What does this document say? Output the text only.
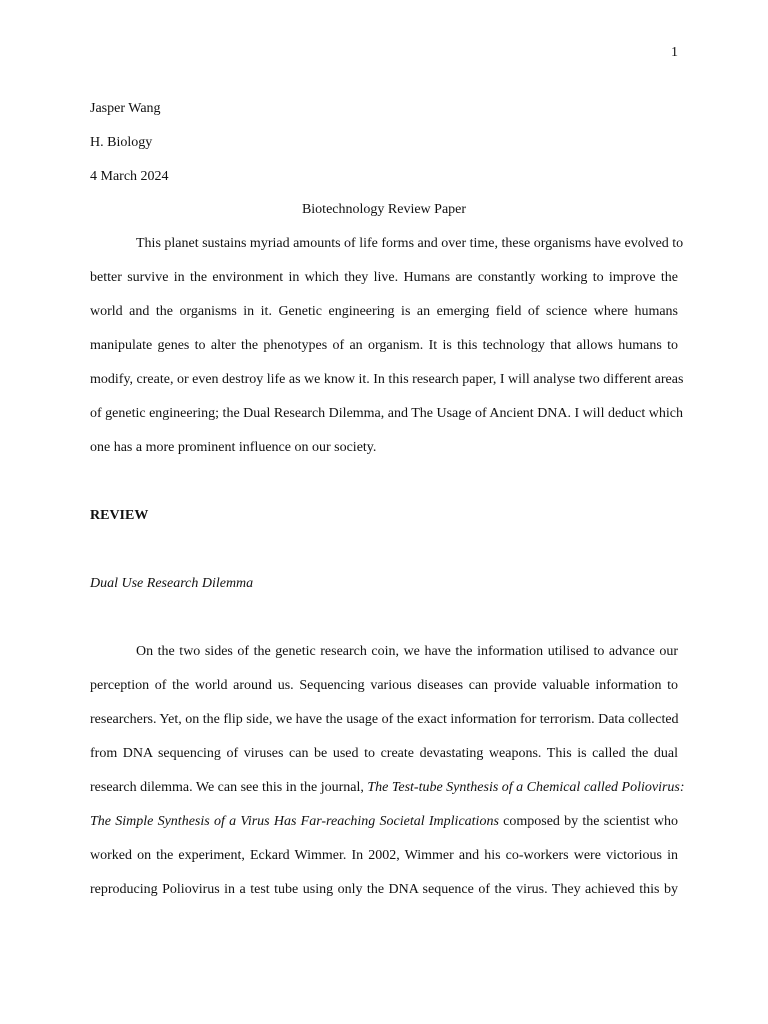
1
Jasper Wang
H. Biology
4 March 2024
Biotechnology Review Paper
This planet sustains myriad amounts of life forms and over time, these organisms have evolved to
better survive in the environment in which they live. Humans are constantly working to improve the
world and the organisms in it. Genetic engineering is an emerging field of science where humans
manipulate genes to alter the phenotypes of an organism. It is this technology that allows humans to
modify, create, or even destroy life as we know it. In this research paper, I will analyse two different areas
of genetic engineering; the Dual Research Dilemma, and The Usage of Ancient DNA. I will deduct which
one has a more prominent influence on our society.
REVIEW
Dual Use Research Dilemma
On the two sides of the genetic research coin, we have the information utilised to advance our
perception of the world around us. Sequencing various diseases can provide valuable information to
researchers. Yet, on the flip side, we have the usage of the exact information for terrorism. Data collected
from DNA sequencing of viruses can be used to create devastating weapons. This is called the dual
research dilemma. We can see this in the journal, The Test-tube Synthesis of a Chemical called Poliovirus:
The Simple Synthesis of a Virus Has Far-reaching Societal Implications composed by the scientist who
worked on the experiment, Eckard Wimmer. In 2002, Wimmer and his co-workers were victorious in
reproducing Poliovirus in a test tube using only the DNA sequence of the virus. They achieved this by
